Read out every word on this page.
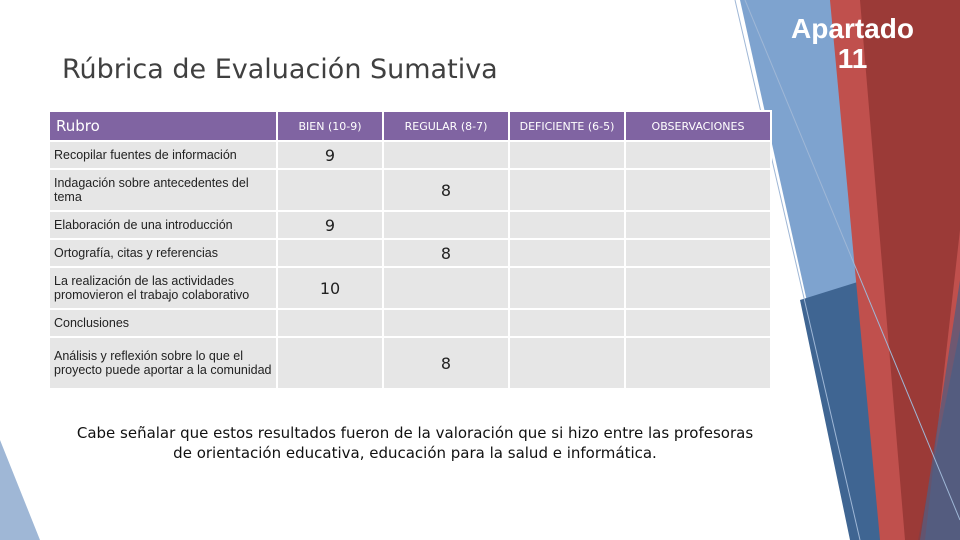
Rúbrica de Evaluación Sumativa
Apartado
11
Rubro	BIEN (10-9)	REGULAR (8-7)	DEFICIENTE (6-5)	OBSERVACIONES
Recopilar fuentes de información	9			
Indagación sobre antecedentes del tema		8		
Elaboración de una introducción	9			
Ortografía, citas y referencias		8		
La realización de las actividades promovieron el trabajo colaborativo	10			
Conclusiones				
Análisis y reflexión sobre lo que el proyecto puede aportar a la comunidad		8		

Cabe señalar que estos resultados fueron de la valoración que si hizo entre las profesoras de orientación educativa, educación para la salud e informática.
